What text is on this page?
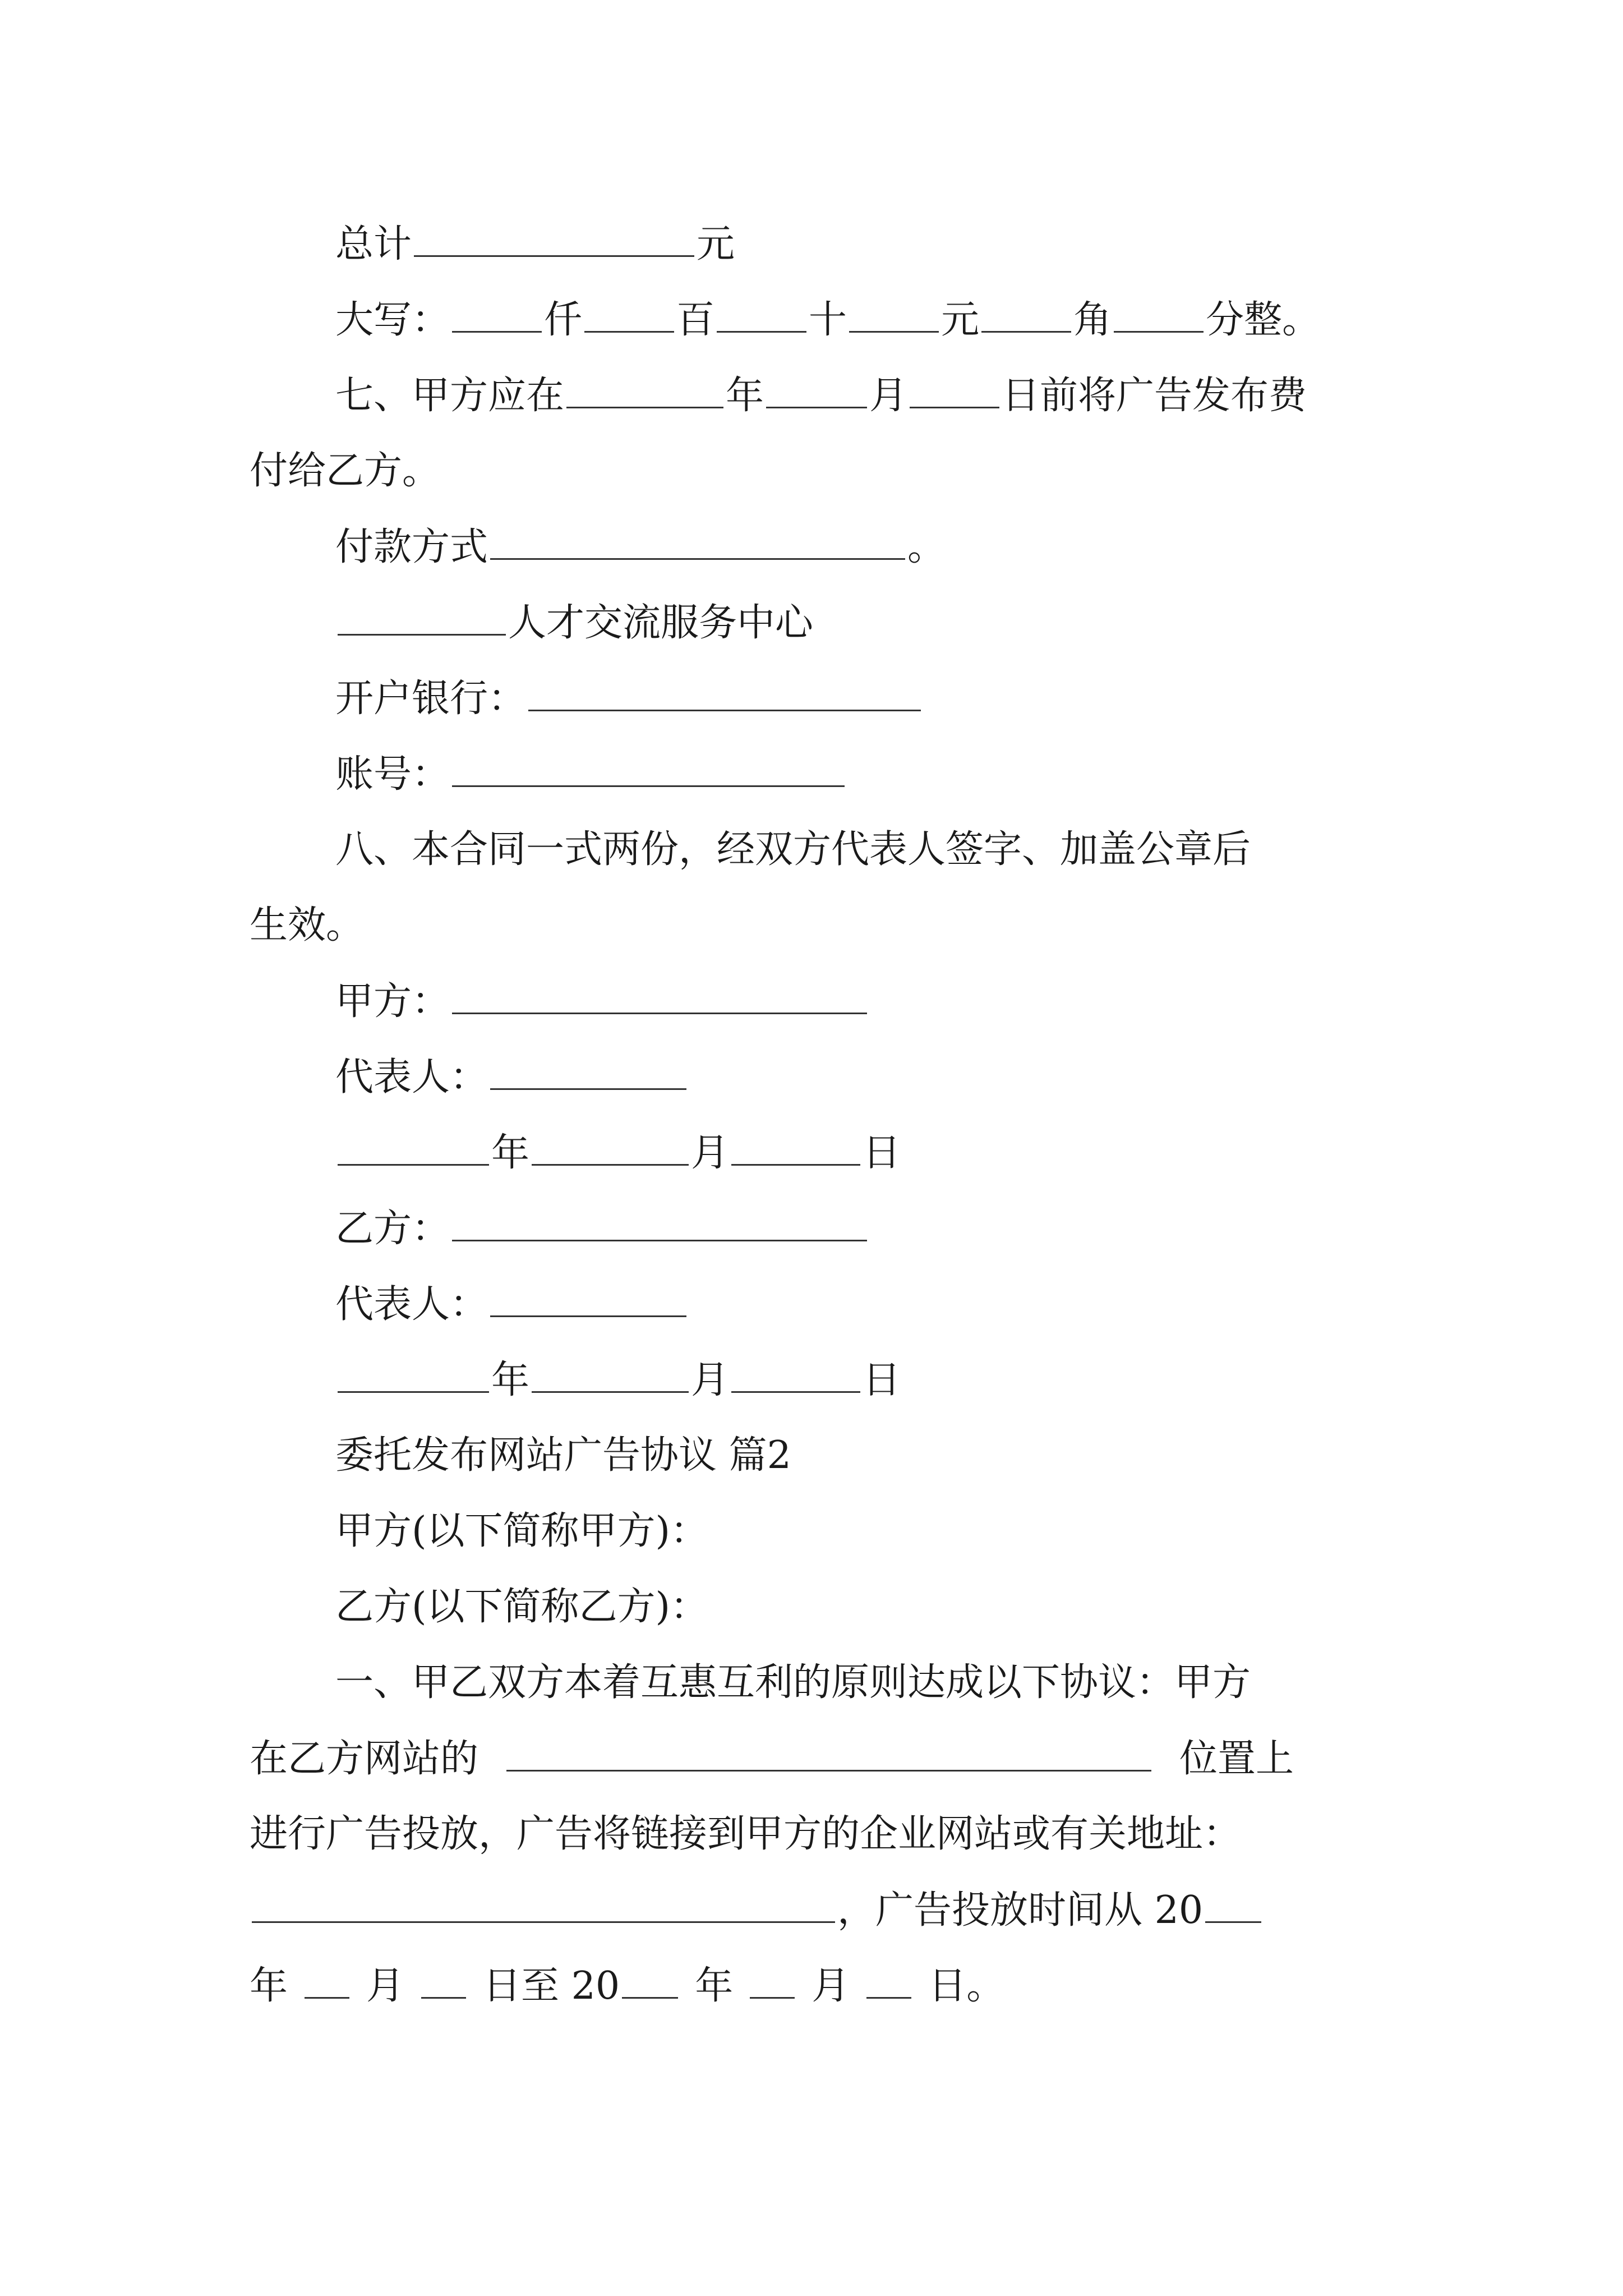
总计	元
大写： 仟 百 十 元 角 分整。
七、甲方应在	年	月 日前将广告发布费
付给乙方。
付款方式	。
人才交流服务中心
开户银行：
账号：
八、本合同一式两份，经双方代表人签字、加盖公章后
生效。
甲方：
代表人：
年	月	日
乙方：
代表人：
年	月	日
委托发布网站广告协议 篇2
甲方(以下简称甲方)：
乙方(以下简称乙方)：
一、甲乙双方本着互惠互利的原则达成以下协议：甲方
在乙方网站的	位置上
进行广告投放，广告将链接到甲方的企业网站或有关地址：
，广告投放时间从 20
年 月 日至 20 年 月 日。
